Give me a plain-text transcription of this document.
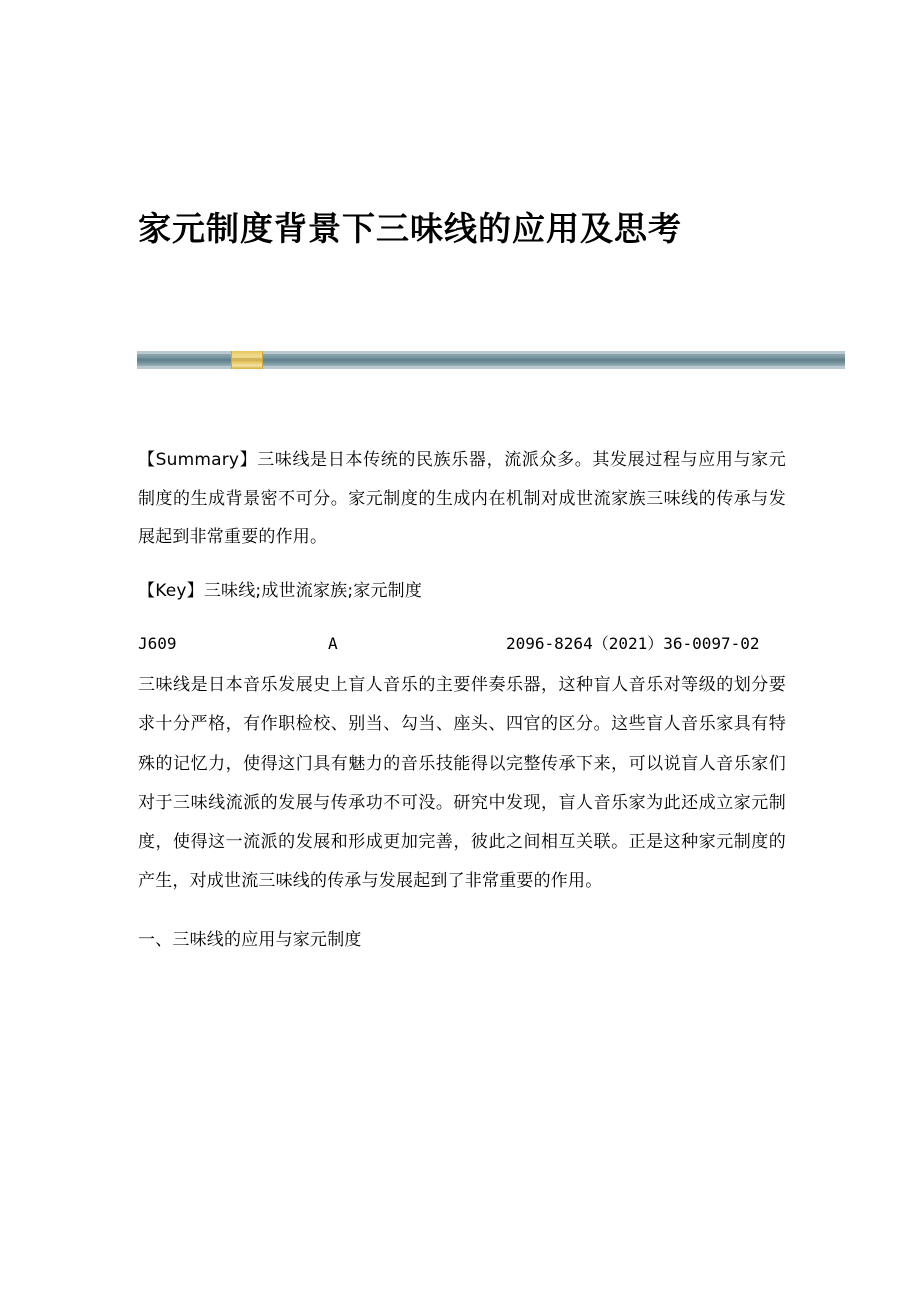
家元制度背景下三味线的应用及思考

【Summary】三味线是日本传统的民族乐器，流派众多。其发展过程与应用与家元制度的生成背景密不可分。家元制度的生成内在机制对成世流家族三味线的传承与发展起到非常重要的作用。

【Key】三味线;成世流家族;家元制度

J609	A	2096-8264（2021）36-0097-02

三味线是日本音乐发展史上盲人音乐的主要伴奏乐器，这种盲人音乐对等级的划分要求十分严格，有作职检校、别当、勾当、座头、四官的区分。这些盲人音乐家具有特殊的记忆力，使得这门具有魅力的音乐技能得以完整传承下来，可以说盲人音乐家们对于三味线流派的发展与传承功不可没。研究中发现，盲人音乐家为此还成立家元制度，使得这一流派的发展和形成更加完善，彼此之间相互关联。正是这种家元制度的产生，对成世流三味线的传承与发展起到了非常重要的作用。

一、三味线的应用与家元制度
